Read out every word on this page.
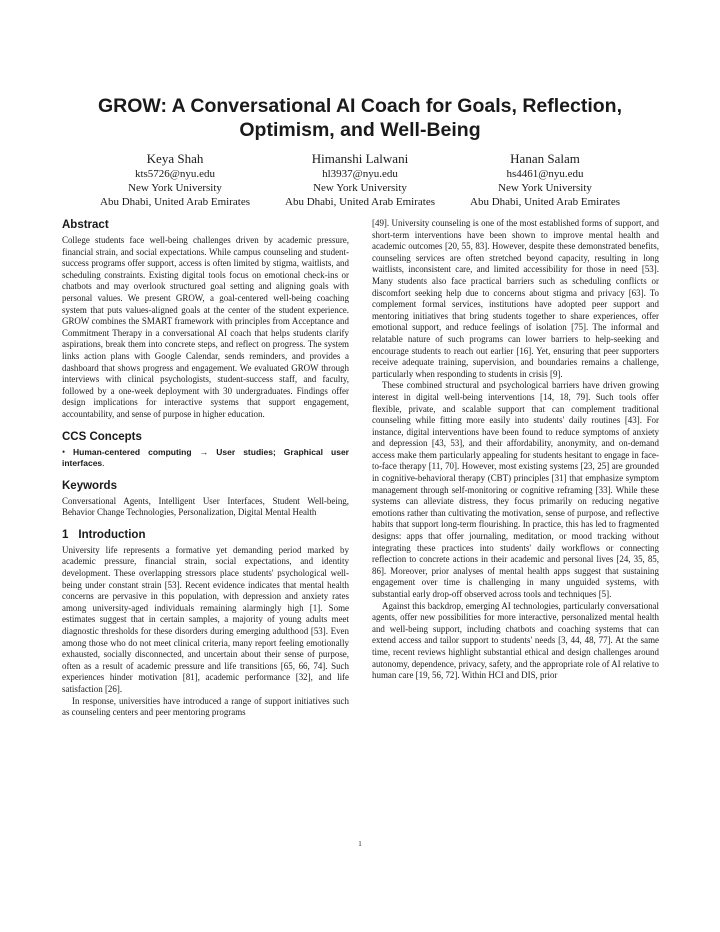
GROW: A Conversational AI Coach for Goals, Reflection, Optimism, and Well-Being
Keya Shah
kts5726@nyu.edu
New York University
Abu Dhabi, United Arab Emirates
Himanshi Lalwani
hl3937@nyu.edu
New York University
Abu Dhabi, United Arab Emirates
Hanan Salam
hs4461@nyu.edu
New York University
Abu Dhabi, United Arab Emirates
Abstract

College students face well-being challenges driven by academic pressure, financial strain, and social expectations. While campus counseling and student-success programs offer support, access is often limited by stigma, waitlists, and scheduling constraints. Existing digital tools focus on emotional check-ins or chatbots and may overlook structured goal setting and aligning goals with personal values. We present GROW, a goal-centered well-being coaching system that puts values-aligned goals at the center of the student experience. GROW combines the SMART framework with principles from Acceptance and Commitment Therapy in a conversational AI coach that helps students clarify aspirations, break them into concrete steps, and reflect on progress. The system links action plans with Google Calendar, sends reminders, and provides a dashboard that shows progress and engagement. We evaluated GROW through interviews with clinical psychologists, student-success staff, and faculty, followed by a one-week deployment with 30 undergraduates. Findings offer design implications for interactive systems that support engagement, accountability, and sense of purpose in higher education.

CCS Concepts
• Human-centered computing → User studies; Graphical user interfaces.
Keywords

Conversational Agents, Intelligent User Interfaces, Student Well-being, Behavior Change Technologies, Personalization, Digital Mental Health

1 Introduction

University life represents a formative yet demanding period marked by academic pressure, financial strain, social expectations, and identity development. These overlapping stressors place students' psychological well-being under constant strain [53]. Recent evidence indicates that mental health concerns are pervasive in this population, with depression and anxiety rates among university-aged individuals remaining alarmingly high [1]. Some estimates suggest that in certain samples, a majority of young adults meet diagnostic thresholds for these disorders during emerging adulthood [53]. Even among those who do not meet clinical criteria, many report feeling emotionally exhausted, socially disconnected, and uncertain about their sense of purpose, often as a result of academic pressure and life transitions [65, 66, 74]. Such experiences hinder motivation [81], academic performance [32], and life satisfaction [26].

In response, universities have introduced a range of support initiatives such as counseling centers and peer mentoring programs

[49]. University counseling is one of the most established forms of support, and short-term interventions have been shown to improve mental health and academic outcomes [20, 55, 83]. However, despite these demonstrated benefits, counseling services are often stretched beyond capacity, resulting in long waitlists, inconsistent care, and limited accessibility for those in need [53]. Many students also face practical barriers such as scheduling conflicts or discomfort seeking help due to concerns about stigma and privacy [63]. To complement formal services, institutions have adopted peer support and mentoring initiatives that bring students together to share experiences, offer emotional support, and reduce feelings of isolation [75]. The informal and relatable nature of such programs can lower barriers to help-seeking and encourage students to reach out earlier [16]. Yet, ensuring that peer supporters receive adequate training, supervision, and boundaries remains a challenge, particularly when responding to students in crisis [9].

These combined structural and psychological barriers have driven growing interest in digital well-being interventions [14, 18, 79]. Such tools offer flexible, private, and scalable support that can complement traditional counseling while fitting more easily into students' daily routines [43]. For instance, digital interventions have been found to reduce symptoms of anxiety and depression [43, 53], and their affordability, anonymity, and on-demand access make them particularly appealing for students hesitant to engage in face-to-face therapy [11, 70]. However, most existing systems [23, 25] are grounded in cognitive-behavioral therapy (CBT) principles [31] that emphasize symptom management through self-monitoring or cognitive reframing [33]. While these systems can alleviate distress, they focus primarily on reducing negative emotions rather than cultivating the motivation, sense of purpose, and reflective habits that support long-term flourishing. In practice, this has led to fragmented designs: apps that offer journaling, meditation, or mood tracking without integrating these practices into students' daily workflows or connecting reflection to concrete actions in their academic and personal lives [24, 35, 85, 86]. Moreover, prior analyses of mental health apps suggest that sustaining engagement over time is challenging in many unguided systems, with substantial early drop-off observed across tools and techniques [5].

Against this backdrop, emerging AI technologies, particularly conversational agents, offer new possibilities for more interactive, personalized mental health and well-being support, including chatbots and coaching systems that can extend access and tailor support to students' needs [3, 44, 48, 77]. At the same time, recent reviews highlight substantial ethical and design challenges around autonomy, dependence, privacy, safety, and the appropriate role of AI relative to human care [19, 56, 72]. Within HCI and DIS, prior

1
